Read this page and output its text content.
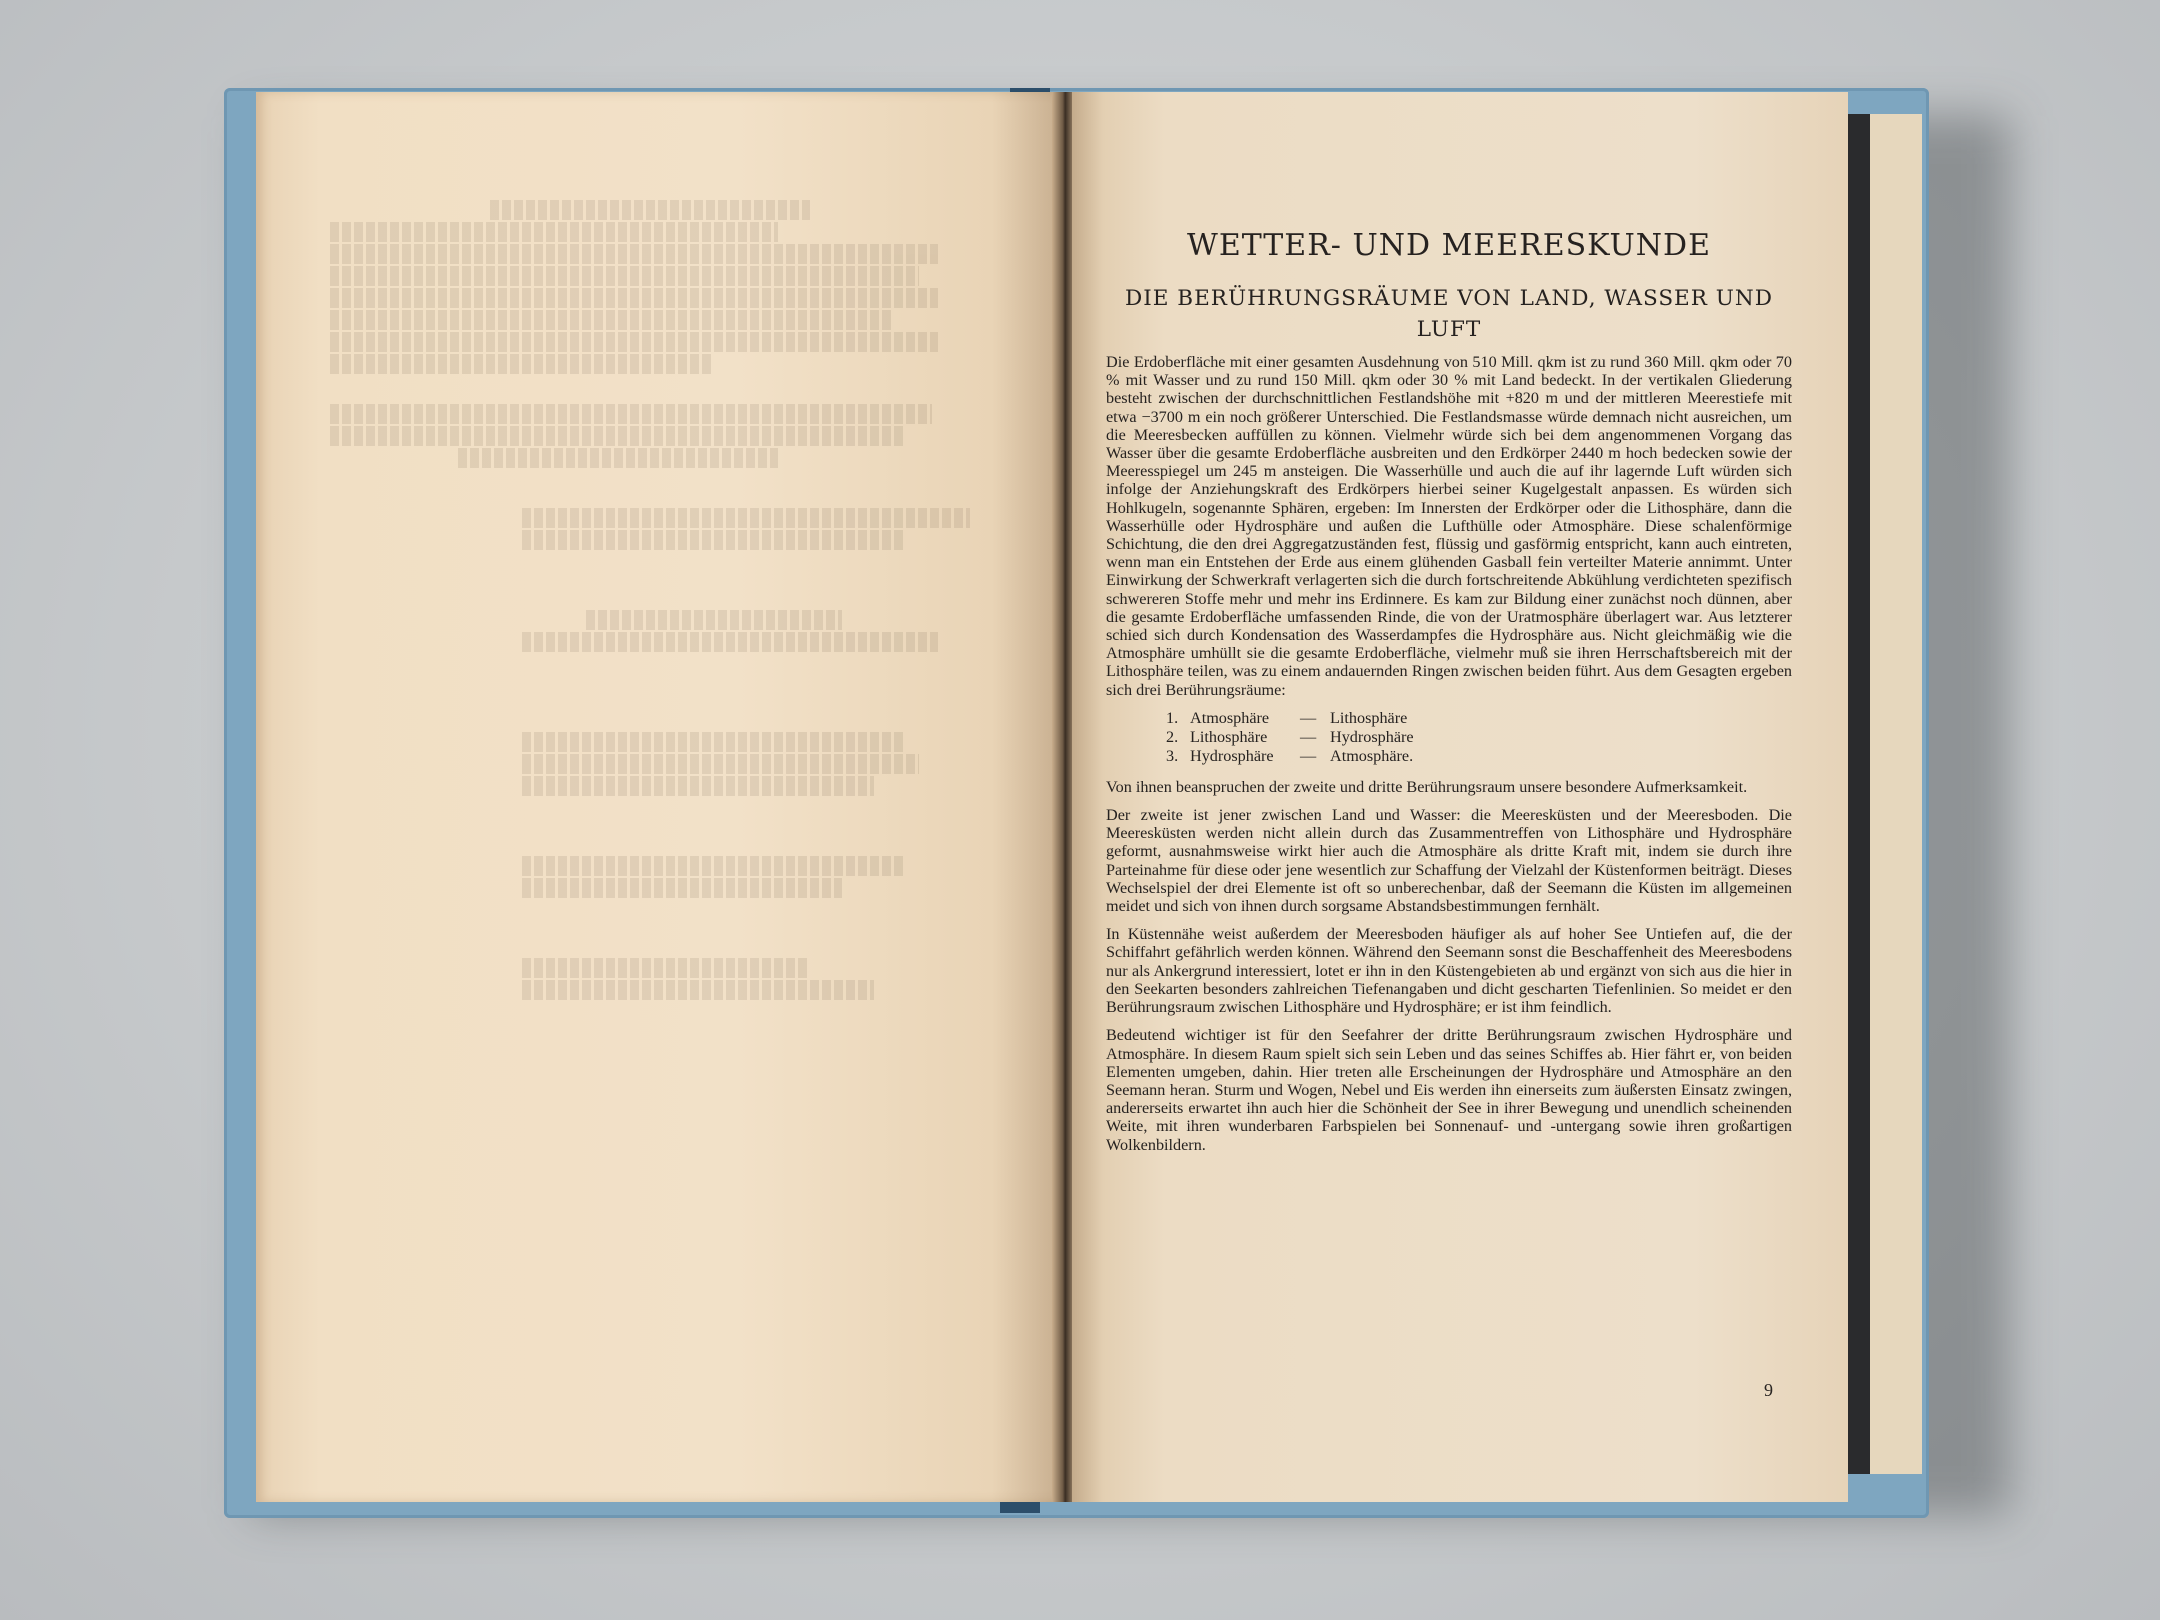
WETTER- UND MEERESKUNDE
DIE BERÜHRUNGSRÄUME VON LAND, WASSER UND LUFT

Die Erdoberfläche mit einer gesamten Ausdehnung von 510 Mill. qkm ist zu rund 360 Mill. qkm oder 70 % mit Wasser und zu rund 150 Mill. qkm oder 30 % mit Land bedeckt. In der vertikalen Gliederung besteht zwischen der durchschnittlichen Festlandshöhe mit +820 m und der mittleren Meerestiefe mit etwa −3700 m ein noch größerer Unterschied. Die Festlandsmasse würde demnach nicht ausreichen, um die Meeresbecken auffüllen zu können. Vielmehr würde sich bei dem angenommenen Vorgang das Wasser über die gesamte Erdoberfläche ausbreiten und den Erdkörper 2440 m hoch bedecken sowie der Meeresspiegel um 245 m ansteigen. Die Wasserhülle und auch die auf ihr lagernde Luft würden sich infolge der Anziehungskraft des Erdkörpers hierbei seiner Kugelgestalt anpassen. Es würden sich Hohlkugeln, sogenannte Sphären, ergeben: Im Innersten der Erdkörper oder die Lithosphäre, dann die Wasserhülle oder Hydrosphäre und außen die Lufthülle oder Atmosphäre. Diese schalenförmige Schichtung, die den drei Aggregatzuständen fest, flüssig und gasförmig entspricht, kann auch eintreten, wenn man ein Entstehen der Erde aus einem glühenden Gasball fein verteilter Materie annimmt. Unter Einwirkung der Schwerkraft verlagerten sich die durch fortschreitende Abkühlung verdichteten spezifisch schwereren Stoffe mehr und mehr ins Erdinnere. Es kam zur Bildung einer zunächst noch dünnen, aber die gesamte Erdoberfläche umfassenden Rinde, die von der Uratmosphäre überlagert war. Aus letzterer schied sich durch Kondensation des Wasserdampfes die Hydrosphäre aus. Nicht gleichmäßig wie die Atmosphäre umhüllt sie die gesamte Erdoberfläche, vielmehr muß sie ihren Herrschaftsbereich mit der Lithosphäre teilen, was zu einem andauernden Ringen zwischen beiden führt. Aus dem Gesagten ergeben sich drei Berührungsräume:

1. Atmosphäre	— Lithosphäre
2. Lithosphäre	— Hydrosphäre
3. Hydrosphäre	— Atmosphäre.

Von ihnen beanspruchen der zweite und dritte Berührungsraum unsere besondere Aufmerksamkeit.

Der zweite ist jener zwischen Land und Wasser: die Meeresküsten und der Meeresboden. Die Meeresküsten werden nicht allein durch das Zusammentreffen von Lithosphäre und Hydrosphäre geformt, ausnahmsweise wirkt hier auch die Atmosphäre als dritte Kraft mit, indem sie durch ihre Parteinahme für diese oder jene wesentlich zur Schaffung der Vielzahl der Küstenformen beiträgt. Dieses Wechselspiel der drei Elemente ist oft so unberechenbar, daß der Seemann die Küsten im allgemeinen meidet und sich von ihnen durch sorgsame Abstandsbestimmungen fernhält.

In Küstennähe weist außerdem der Meeresboden häufiger als auf hoher See Untiefen auf, die der Schiffahrt gefährlich werden können. Während den Seemann sonst die Beschaffenheit des Meeresbodens nur als Ankergrund interessiert, lotet er ihn in den Küstengebieten ab und ergänzt von sich aus die hier in den Seekarten besonders zahlreichen Tiefenangaben und dicht gescharten Tiefenlinien. So meidet er den Berührungsraum zwischen Lithosphäre und Hydrosphäre; er ist ihm feindlich.

Bedeutend wichtiger ist für den Seefahrer der dritte Berührungsraum zwischen Hydrosphäre und Atmosphäre. In diesem Raum spielt sich sein Leben und das seines Schiffes ab. Hier fährt er, von beiden Elementen umgeben, dahin. Hier treten alle Erscheinungen der Hydrosphäre und Atmosphäre an den Seemann heran. Sturm und Wogen, Nebel und Eis werden ihn einerseits zum äußersten Einsatz zwingen, andererseits erwartet ihn auch hier die Schönheit der See in ihrer Bewegung und unendlich scheinenden Weite, mit ihren wunderbaren Farbspielen bei Sonnenauf- und -untergang sowie ihren großartigen Wolkenbildern.

9
